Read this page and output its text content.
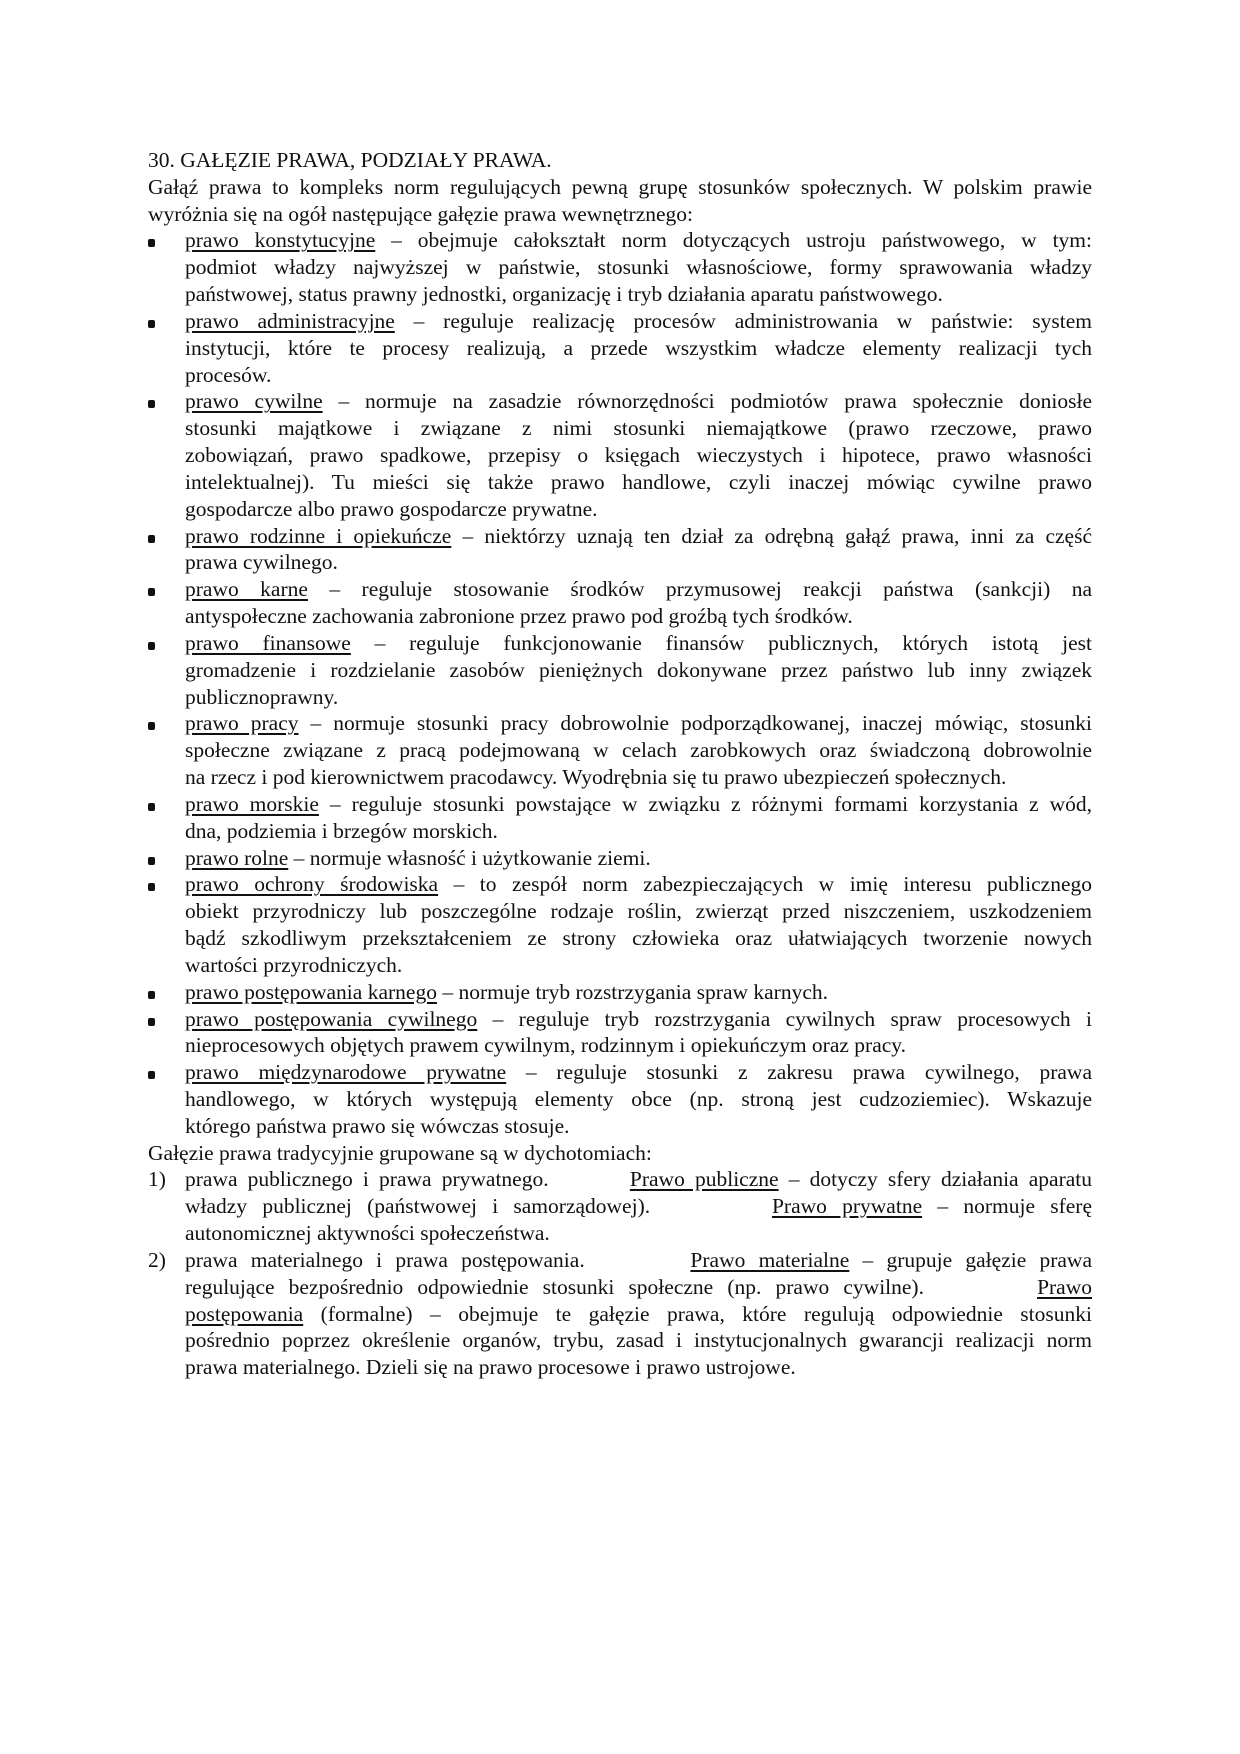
30. GAŁĘZIE PRAWA, PODZIAŁY PRAWA.
Gałąź prawa to kompleks norm regulujących pewną grupę stosunków społecznych. W polskim prawie
wyróżnia się na ogół następujące gałęzie prawa wewnętrznego:
prawo konstytucyjne – obejmuje całokształt norm dotyczących ustroju państwowego, w tym:
podmiot władzy najwyższej w państwie, stosunki własnościowe, formy sprawowania władzy
państwowej, status prawny jednostki, organizację i tryb działania aparatu państwowego.
prawo administracyjne – reguluje realizację procesów administrowania w państwie: system
instytucji, które te procesy realizują, a przede wszystkim władcze elementy realizacji tych
procesów.
prawo cywilne – normuje na zasadzie równorzędności podmiotów prawa społecznie doniosłe
stosunki majątkowe i związane z nimi stosunki niemajątkowe (prawo rzeczowe, prawo
zobowiązań, prawo spadkowe, przepisy o księgach wieczystych i hipotece, prawo własności
intelektualnej). Tu mieści się także prawo handlowe, czyli inaczej mówiąc cywilne prawo
gospodarcze albo prawo gospodarcze prywatne.
prawo rodzinne i opiekuńcze – niektórzy uznają ten dział za odrębną gałąź prawa, inni za część
prawa cywilnego.
prawo karne – reguluje stosowanie środków przymusowej reakcji państwa (sankcji) na
antyspołeczne zachowania zabronione przez prawo pod groźbą tych środków.
prawo finansowe – reguluje funkcjonowanie finansów publicznych, których istotą jest
gromadzenie i rozdzielanie zasobów pieniężnych dokonywane przez państwo lub inny związek
publicznoprawny.
prawo pracy – normuje stosunki pracy dobrowolnie podporządkowanej, inaczej mówiąc, stosunki
społeczne związane z pracą podejmowaną w celach zarobkowych oraz świadczoną dobrowolnie
na rzecz i pod kierownictwem pracodawcy. Wyodrębnia się tu prawo ubezpieczeń społecznych.
prawo morskie – reguluje stosunki powstające w związku z różnymi formami korzystania z wód,
dna, podziemia i brzegów morskich.
prawo rolne – normuje własność i użytkowanie ziemi.
prawo ochrony środowiska – to zespół norm zabezpieczających w imię interesu publicznego
obiekt przyrodniczy lub poszczególne rodzaje roślin, zwierząt przed niszczeniem, uszkodzeniem
bądź szkodliwym przekształceniem ze strony człowieka oraz ułatwiających tworzenie nowych
wartości przyrodniczych.
prawo postępowania karnego – normuje tryb rozstrzygania spraw karnych.
prawo postępowania cywilnego – reguluje tryb rozstrzygania cywilnych spraw procesowych i
nieprocesowych objętych prawem cywilnym, rodzinnym i opiekuńczym oraz pracy.
prawo międzynarodowe prywatne – reguluje stosunki z zakresu prawa cywilnego, prawa
handlowego, w których występują elementy obce (np. stroną jest cudzoziemiec). Wskazuje
którego państwa prawo się wówczas stosuje.
Gałęzie prawa tradycyjnie grupowane są w dychotomiach:
1) prawa publicznego i prawa prywatnego.        Prawo publiczne – dotyczy sfery działania aparatu
władzy publicznej (państwowej i samorządowej).        Prawo prywatne – normuje sferę
autonomicznej aktywności społeczeństwa.
2) prawa materialnego i prawa postępowania.        Prawo materialne – grupuje gałęzie prawa
regulujące bezpośrednio odpowiednie stosunki społeczne (np. prawo cywilne).        Prawo
postępowania (formalne) – obejmuje te gałęzie prawa, które regulują odpowiednie stosunki
pośrednio poprzez określenie organów, trybu, zasad i instytucjonalnych gwarancji realizacji norm
prawa materialnego. Dzieli się na prawo procesowe i prawo ustrojowe.
